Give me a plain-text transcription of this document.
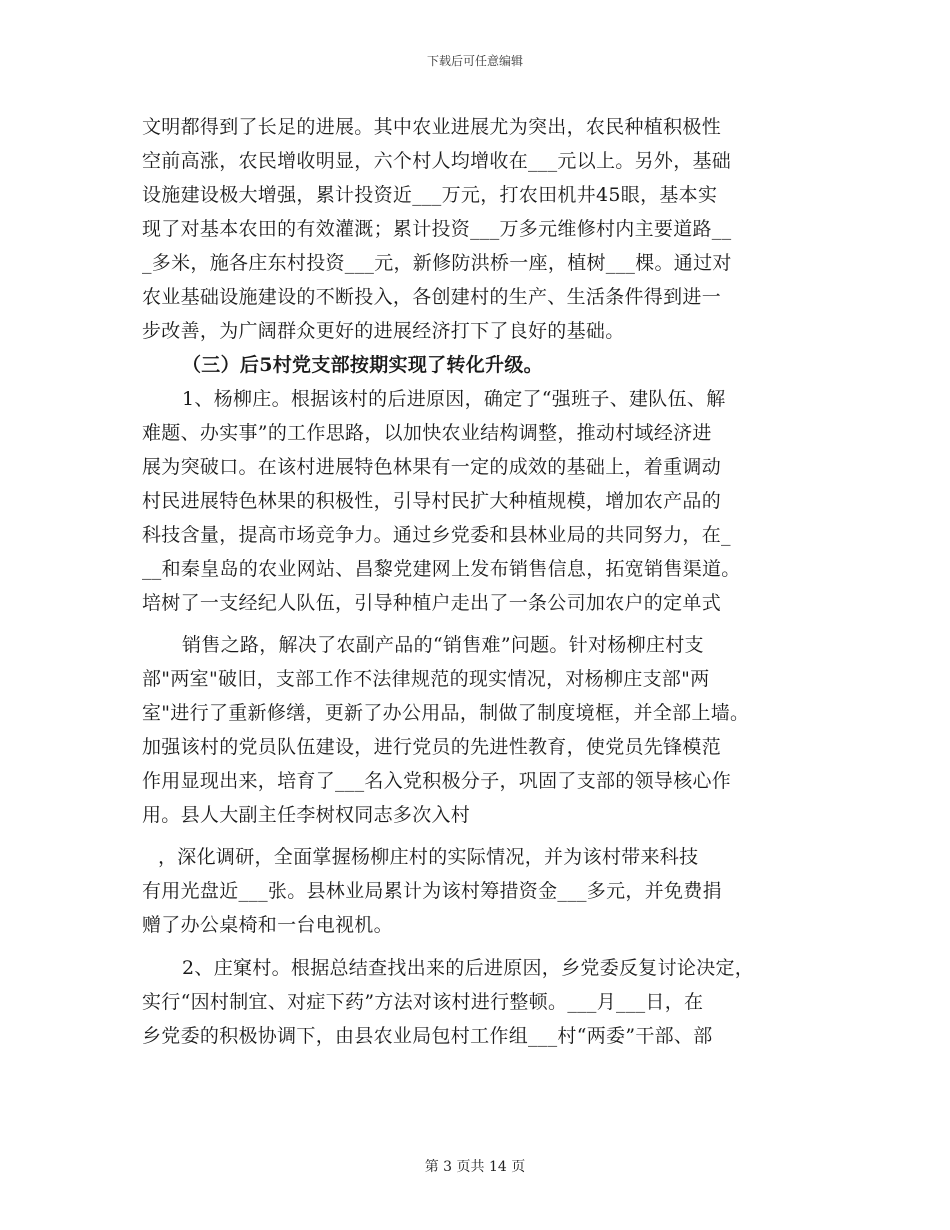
下载后可任意编辑
文明都得到了长足的进展。其中农业进展尤为突出，农民种植积极性
空前高涨，农民增收明显，六个村人均增收在___元以上。另外，基础
设施建设极大增强，累计投资近___万元，打农田机井45眼，基本实
现了对基本农田的有效灌溉；累计投资___万多元维修村内主要道路__
_多米，施各庄东村投资___元，新修防洪桥一座，植树___棵。通过对
农业基础设施建设的不断投入，各创建村的生产、生活条件得到进一
步改善，为广阔群众更好的进展经济打下了良好的基础。
（三）后5村党支部按期实现了转化升级。
1、杨柳庄。根据该村的后进原因，确定了“强班子、建队伍、解
难题、办实事”的工作思路，以加快农业结构调整，推动村域经济进
展为突破口。在该村进展特色林果有一定的成效的基础上，着重调动
村民进展特色林果的积极性，引导村民扩大种植规模，增加农产品的
科技含量，提高市场竞争力。通过乡党委和县林业局的共同努力，在_
__和秦皇岛的农业网站、昌黎党建网上发布销售信息，拓宽销售渠道。
培树了一支经纪人队伍，引导种植户走出了一条公司加农户的定单式
销售之路，解决了农副产品的“销售难”问题。针对杨柳庄村支
部"两室"破旧，支部工作不法律规范的现实情况，对杨柳庄支部"两
室"进行了重新修缮，更新了办公用品，制做了制度境框，并全部上墙。
加强该村的党员队伍建设，进行党员的先进性教育，使党员先锋模范
作用显现出来，培育了___名入党积极分子，巩固了支部的领导核心作
用。县人大副主任李树权同志多次入村
，深化调研，全面掌握杨柳庄村的实际情况，并为该村带来科技
有用光盘近___张。县林业局累计为该村筹措资金___多元，并免费捐
赠了办公桌椅和一台电视机。
2、庄窠村。根据总结查找出来的后进原因，乡党委反复讨论决定，
实行“因村制宜、对症下药”方法对该村进行整顿。___月___日，在
乡党委的积极协调下，由县农业局包村工作组___村“两委”干部、部
第 3 页共 14 页
